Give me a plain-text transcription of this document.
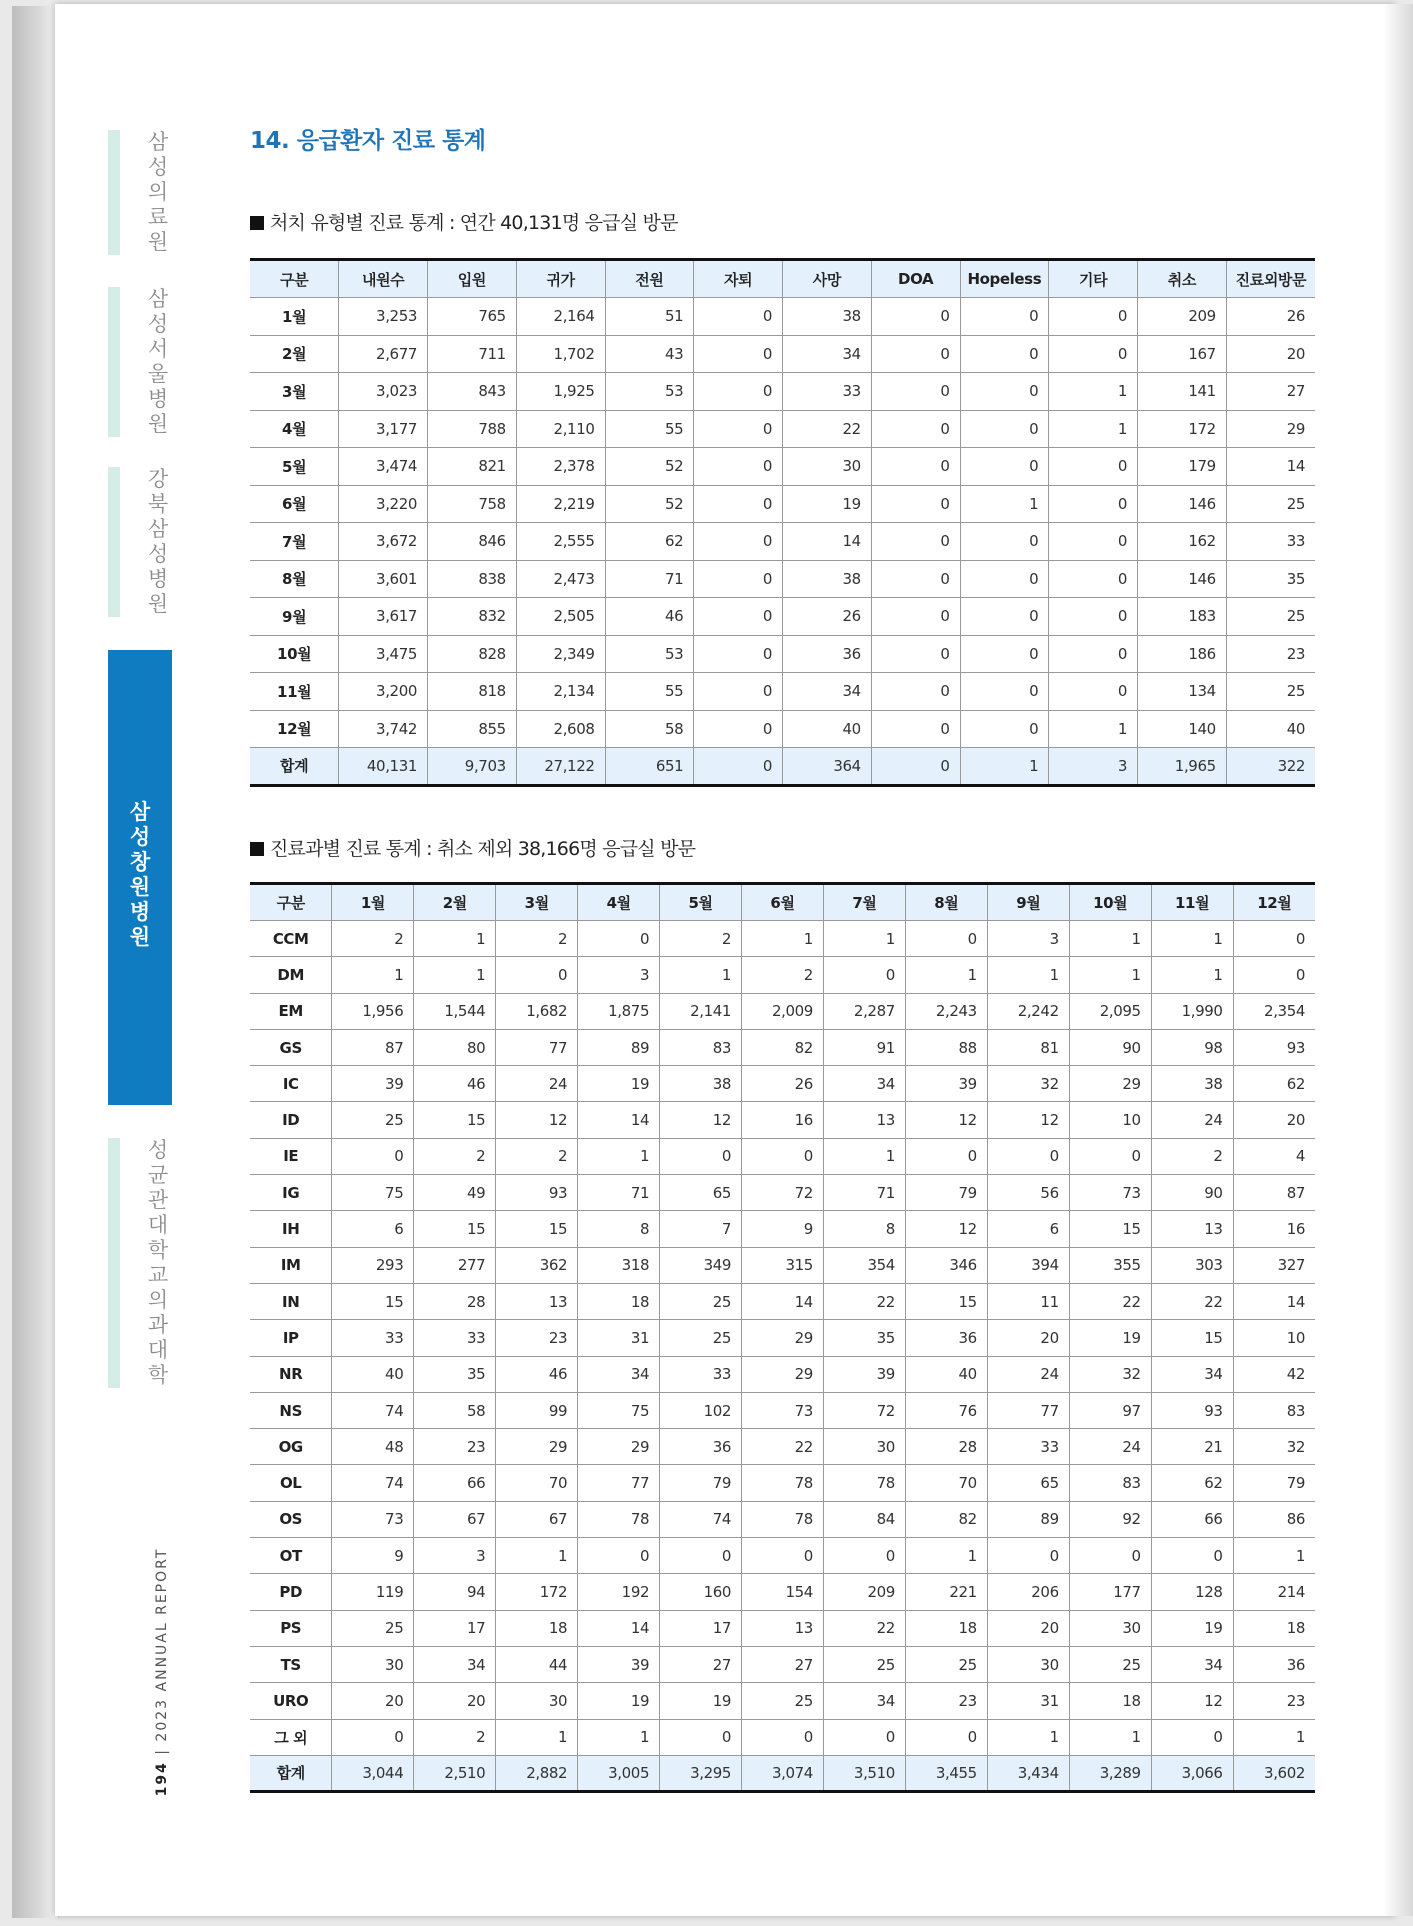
삼성의료원
삼성서울병원
강북삼성병원
삼성창원병원
성균관대학교 의과대학
194 | 2023 ANNUAL REPORT
14. 응급환자 진료 통계
처치 유형별 진료 통계 : 연간 40,131명 응급실 방문
구분	내원수	입원	귀가	전원	자퇴	사망	DOA	Hopeless	기타	취소	진료외방문
1월	3,253	765	2,164	51	0	38	0	0	0	209	26
2월	2,677	711	1,702	43	0	34	0	0	0	167	20
3월	3,023	843	1,925	53	0	33	0	0	1	141	27
4월	3,177	788	2,110	55	0	22	0	0	1	172	29
5월	3,474	821	2,378	52	0	30	0	0	0	179	14
6월	3,220	758	2,219	52	0	19	0	1	0	146	25
7월	3,672	846	2,555	62	0	14	0	0	0	162	33
8월	3,601	838	2,473	71	0	38	0	0	0	146	35
9월	3,617	832	2,505	46	0	26	0	0	0	183	25
10월	3,475	828	2,349	53	0	36	0	0	0	186	23
11월	3,200	818	2,134	55	0	34	0	0	0	134	25
12월	3,742	855	2,608	58	0	40	0	0	1	140	40
합계	40,131	9,703	27,122	651	0	364	0	1	3	1,965	322
진료과별 진료 통계 : 취소 제외 38,166명 응급실 방문
구분	1월	2월	3월	4월	5월	6월	7월	8월	9월	10월	11월	12월
CCM	2	1	2	0	2	1	1	0	3	1	1	0
DM	1	1	0	3	1	2	0	1	1	1	1	0
EM	1,956	1,544	1,682	1,875	2,141	2,009	2,287	2,243	2,242	2,095	1,990	2,354
GS	87	80	77	89	83	82	91	88	81	90	98	93
IC	39	46	24	19	38	26	34	39	32	29	38	62
ID	25	15	12	14	12	16	13	12	12	10	24	20
IE	0	2	2	1	0	0	1	0	0	0	2	4
IG	75	49	93	71	65	72	71	79	56	73	90	87
IH	6	15	15	8	7	9	8	12	6	15	13	16
IM	293	277	362	318	349	315	354	346	394	355	303	327
IN	15	28	13	18	25	14	22	15	11	22	22	14
IP	33	33	23	31	25	29	35	36	20	19	15	10
NR	40	35	46	34	33	29	39	40	24	32	34	42
NS	74	58	99	75	102	73	72	76	77	97	93	83
OG	48	23	29	29	36	22	30	28	33	24	21	32
OL	74	66	70	77	79	78	78	70	65	83	62	79
OS	73	67	67	78	74	78	84	82	89	92	66	86
OT	9	3	1	0	0	0	0	1	0	0	0	1
PD	119	94	172	192	160	154	209	221	206	177	128	214
PS	25	17	18	14	17	13	22	18	20	30	19	18
TS	30	34	44	39	27	27	25	25	30	25	34	36
URO	20	20	30	19	19	25	34	23	31	18	12	23
그 외	0	2	1	1	0	0	0	0	1	1	0	1
합계	3,044	2,510	2,882	3,005	3,295	3,074	3,510	3,455	3,434	3,289	3,066	3,602
